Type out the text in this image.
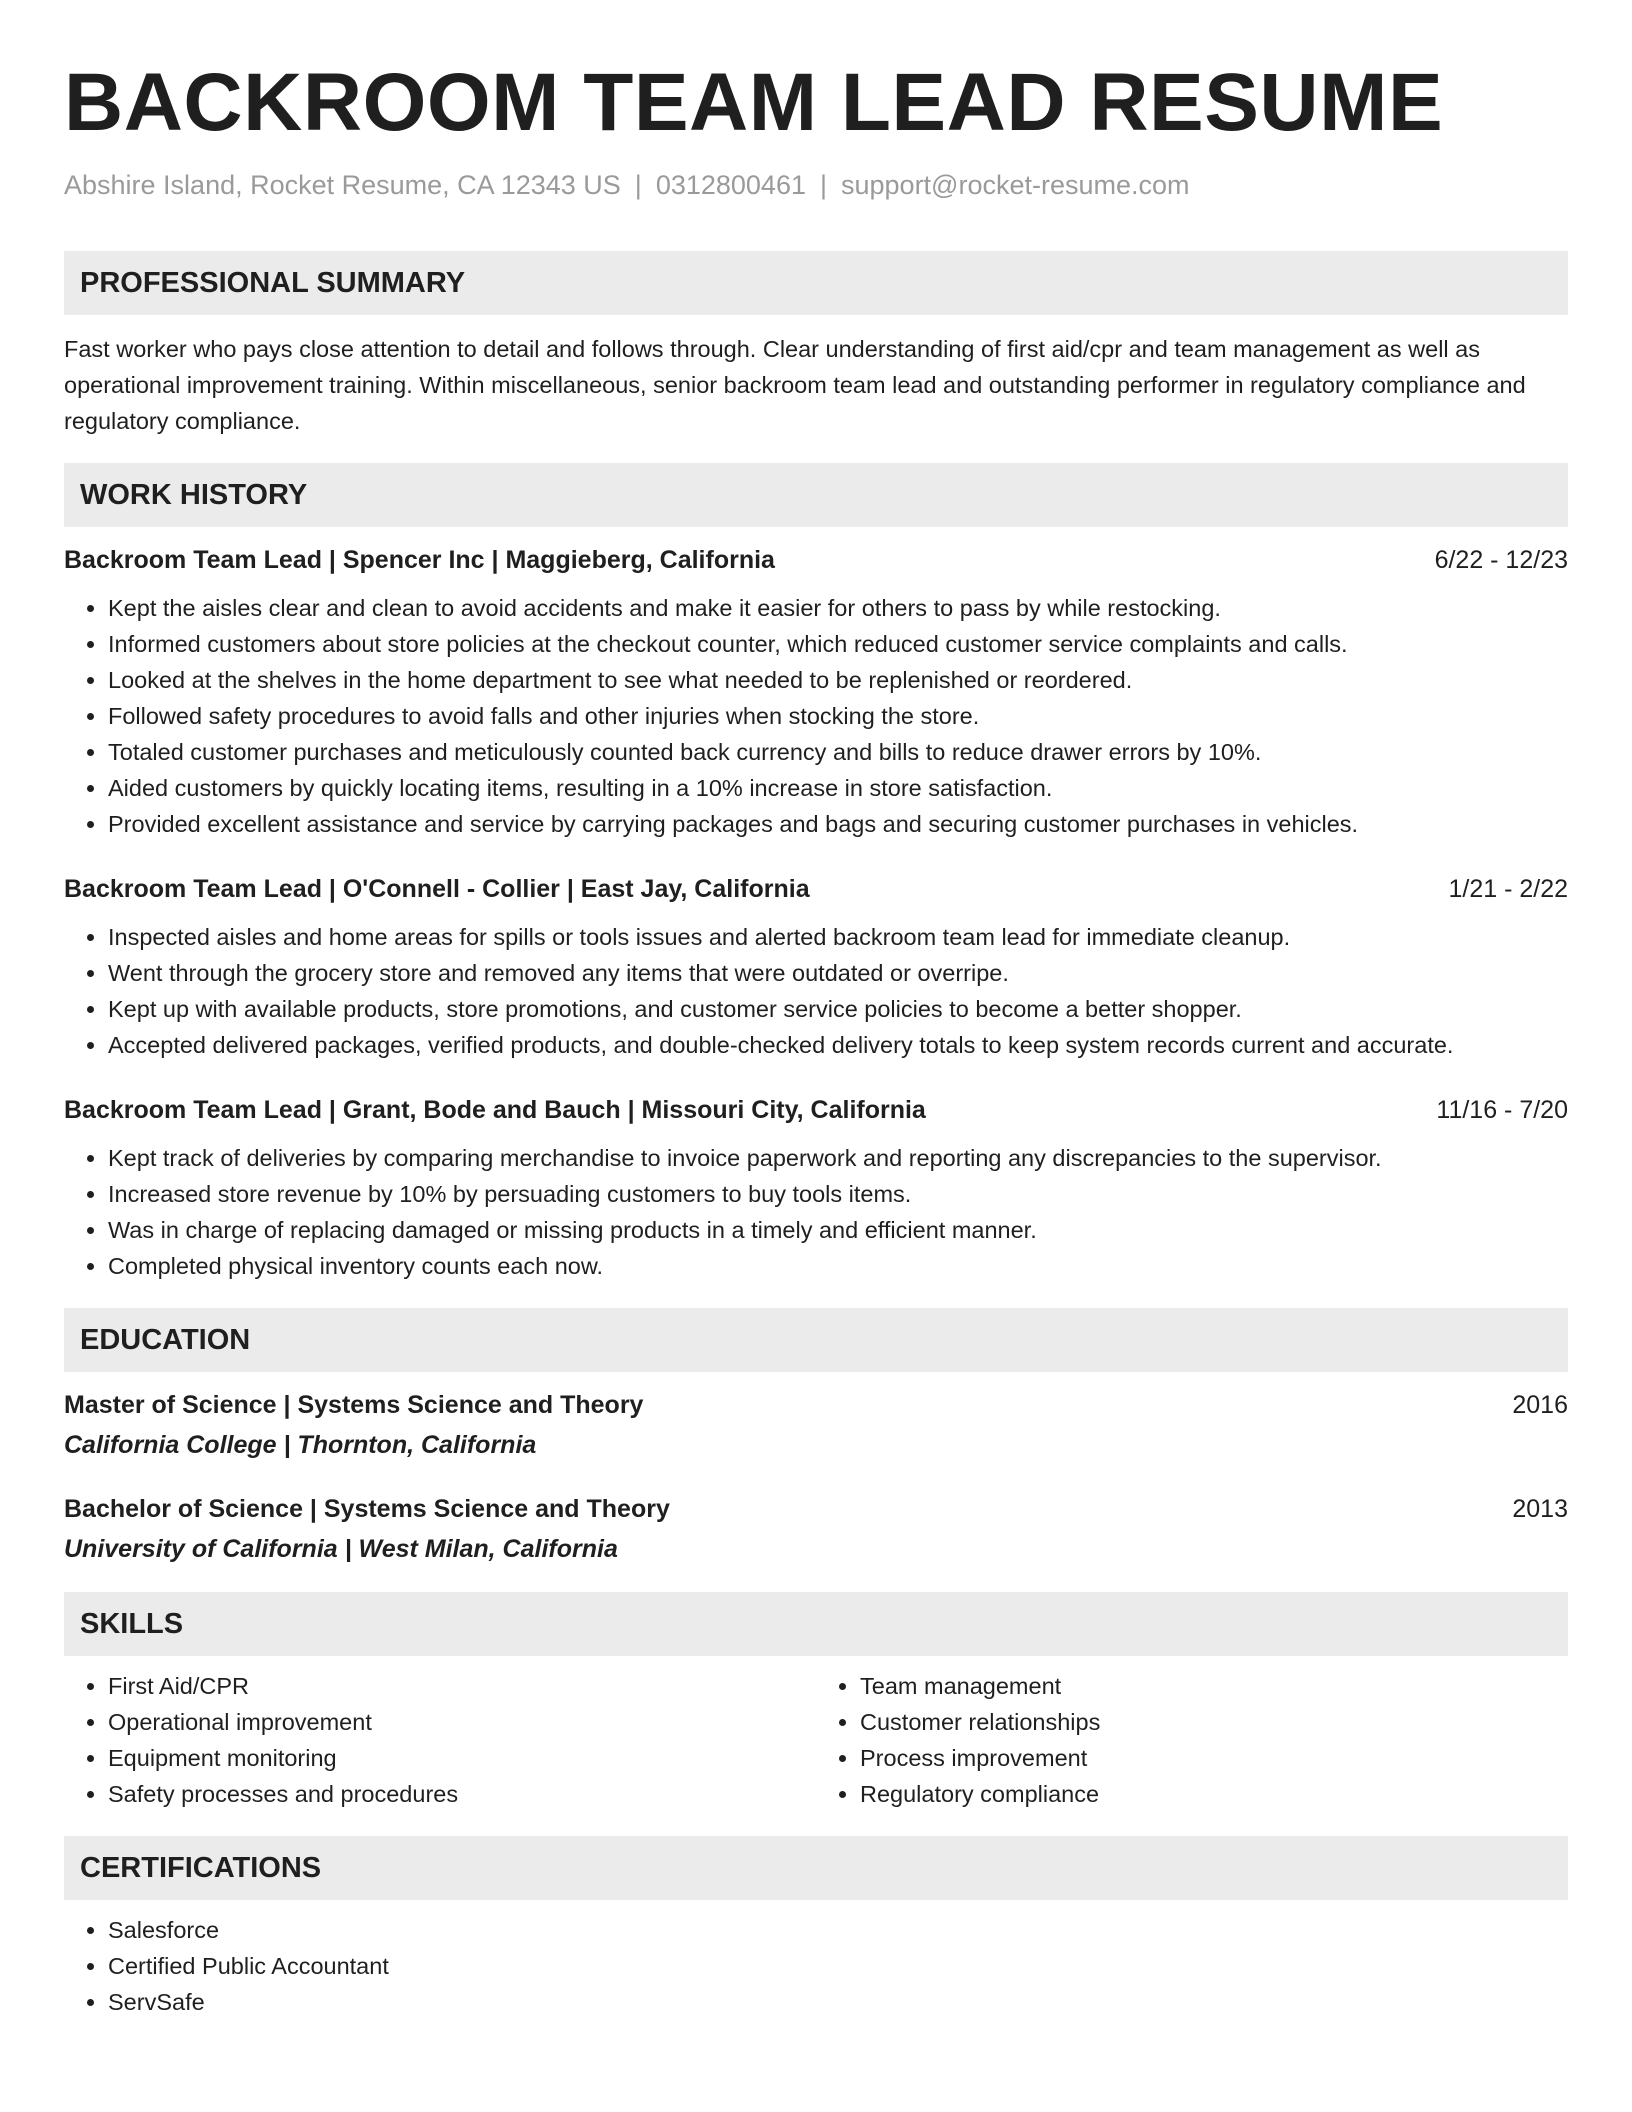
BACKROOM TEAM LEAD RESUME
Abshire Island, Rocket Resume, CA 12343 US | 0312800461 | support@rocket-resume.com
PROFESSIONAL SUMMARY
Fast worker who pays close attention to detail and follows through. Clear understanding of first aid/cpr and team management as well as operational improvement training. Within miscellaneous, senior backroom team lead and outstanding performer in regulatory compliance and regulatory compliance.
WORK HISTORY
Backroom Team Lead | Spencer Inc | Maggieberg, California	6/22 - 12/23
• Kept the aisles clear and clean to avoid accidents and make it easier for others to pass by while restocking.
• Informed customers about store policies at the checkout counter, which reduced customer service complaints and calls.
• Looked at the shelves in the home department to see what needed to be replenished or reordered.
• Followed safety procedures to avoid falls and other injuries when stocking the store.
• Totaled customer purchases and meticulously counted back currency and bills to reduce drawer errors by 10%.
• Aided customers by quickly locating items, resulting in a 10% increase in store satisfaction.
• Provided excellent assistance and service by carrying packages and bags and securing customer purchases in vehicles.
Backroom Team Lead | O'Connell - Collier | East Jay, California	1/21 - 2/22
• Inspected aisles and home areas for spills or tools issues and alerted backroom team lead for immediate cleanup.
• Went through the grocery store and removed any items that were outdated or overripe.
• Kept up with available products, store promotions, and customer service policies to become a better shopper.
• Accepted delivered packages, verified products, and double-checked delivery totals to keep system records current and accurate.
Backroom Team Lead | Grant, Bode and Bauch | Missouri City, California	11/16 - 7/20
• Kept track of deliveries by comparing merchandise to invoice paperwork and reporting any discrepancies to the supervisor.
• Increased store revenue by 10% by persuading customers to buy tools items.
• Was in charge of replacing damaged or missing products in a timely and efficient manner.
• Completed physical inventory counts each now.
EDUCATION
Master of Science | Systems Science and Theory	2016
California College | Thornton, California
Bachelor of Science | Systems Science and Theory	2013
University of California | West Milan, California
SKILLS
• First Aid/CPR
• Operational improvement
• Equipment monitoring
• Safety processes and procedures
• Team management
• Customer relationships
• Process improvement
• Regulatory compliance
CERTIFICATIONS
• Salesforce
• Certified Public Accountant
• ServSafe
